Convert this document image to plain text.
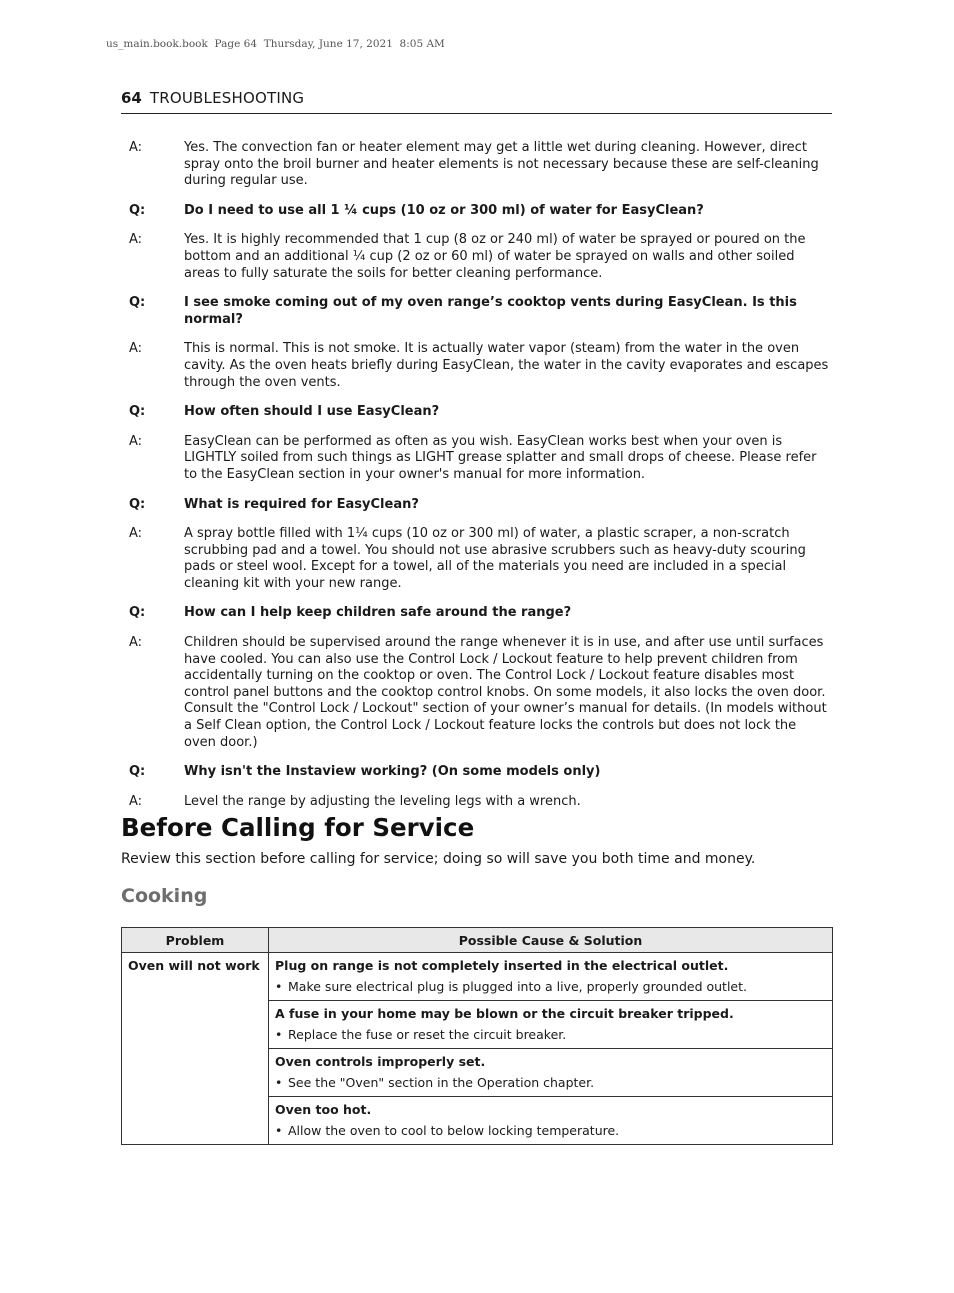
us_main.book.book  Page 64  Thursday, June 17, 2021  8:05 AM
64 TROUBLESHOOTING
A:	Yes. The convection fan or heater element may get a little wet during cleaning. However, direct spray onto the broil burner and heater elements is not necessary because these are self-cleaning during regular use.
Q:	Do I need to use all 1 ¼ cups (10 oz or 300 ml) of water for EasyClean?
A:	Yes. It is highly recommended that 1 cup (8 oz or 240 ml) of water be sprayed or poured on the bottom and an additional ¼ cup (2 oz or 60 ml) of water be sprayed on walls and other soiled areas to fully saturate the soils for better cleaning performance.
Q:	I see smoke coming out of my oven range’s cooktop vents during EasyClean. Is this normal?
A:	This is normal. This is not smoke. It is actually water vapor (steam) from the water in the oven cavity. As the oven heats briefly during EasyClean, the water in the cavity evaporates and escapes through the oven vents.
Q:	How often should I use EasyClean?
A:	EasyClean can be performed as often as you wish. EasyClean works best when your oven is LIGHTLY soiled from such things as LIGHT grease splatter and small drops of cheese. Please refer to the EasyClean section in your owner's manual for more information.
Q:	What is required for EasyClean?
A:	A spray bottle filled with 1¼ cups (10 oz or 300 ml) of water, a plastic scraper, a non-scratch scrubbing pad and a towel. You should not use abrasive scrubbers such as heavy-duty scouring pads or steel wool. Except for a towel, all of the materials you need are included in a special cleaning kit with your new range.
Q:	How can I help keep children safe around the range?
A:	Children should be supervised around the range whenever it is in use, and after use until surfaces have cooled. You can also use the Control Lock / Lockout feature to help prevent children from accidentally turning on the cooktop or oven. The Control Lock / Lockout feature disables most control panel buttons and the cooktop control knobs. On some models, it also locks the oven door. Consult the "Control Lock / Lockout" section of your owner’s manual for details. (In models without a Self Clean option, the Control Lock / Lockout feature locks the controls but does not lock the oven door.)
Q:	Why isn't the Instaview working? (On some models only)
A:	Level the range by adjusting the leveling legs with a wrench.
Before Calling for Service
Review this section before calling for service; doing so will save you both time and money.
Cooking
Problem	Possible Cause & Solution
Oven will not work	Plug on range is not completely inserted in the electrical outlet.
• Make sure electrical plug is plugged into a live, properly grounded outlet.

	A fuse in your home may be blown or the circuit breaker tripped.
• Replace the fuse or reset the circuit breaker.

	Oven controls improperly set.
• See the "Oven" section in the Operation chapter.

	Oven too hot.
• Allow the oven to cool to below locking temperature.
